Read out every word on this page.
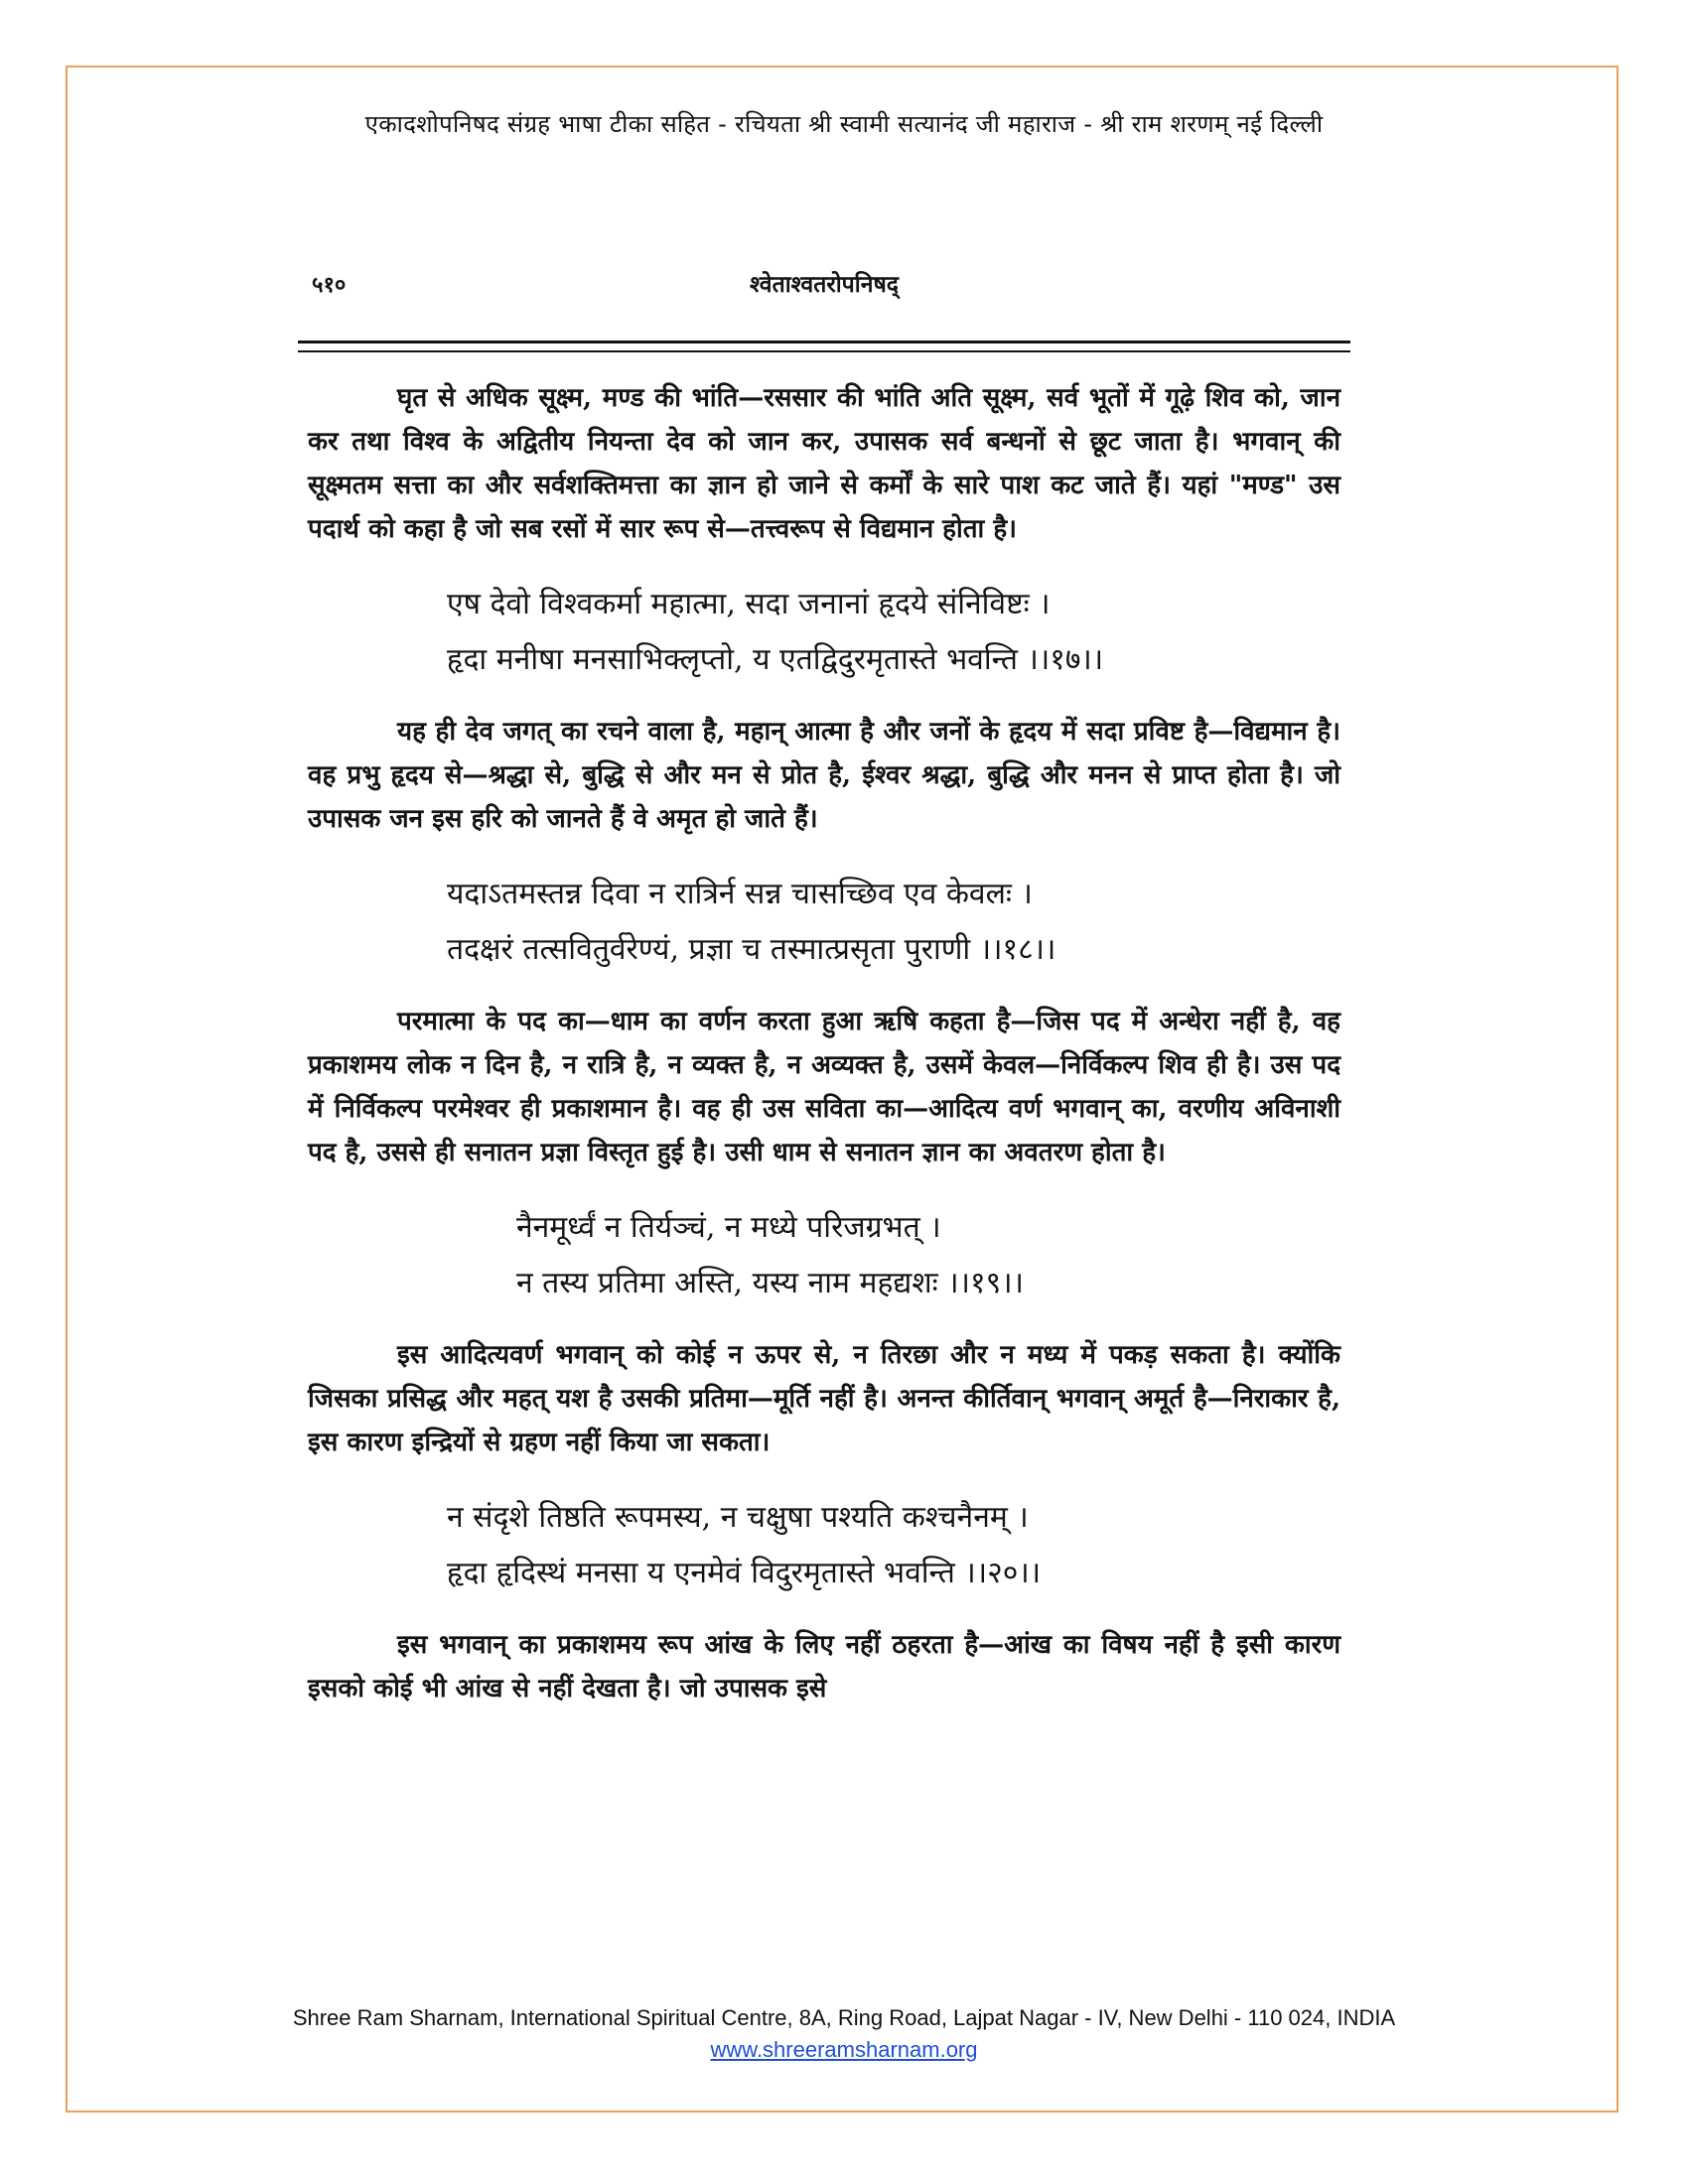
एकादशोपनिषद संग्रह भाषा टीका सहित - रचियता श्री स्वामी सत्यानंद जी महाराज - श्री राम शरणम् नई दिल्ली
५१०	श्वेताश्वतरोपनिषद्

घृत से अधिक सूक्ष्म, मण्ड की भांति—रससार की भांति अति सूक्ष्म, सर्व भूतों में गूढ़े शिव को, जान कर तथा विश्व के अद्वितीय नियन्ता देव को जान कर, उपासक सर्व बन्धनों से छूट जाता है। भगवान् की सूक्ष्मतम सत्ता का और सर्वशक्तिमत्ता का ज्ञान हो जाने से कर्मों के सारे पाश कट जाते हैं। यहां "मण्ड" उस पदार्थ को कहा है जो सब रसों में सार रूप से—तत्त्वरूप से विद्यमान होता है।

एष देवो विश्वकर्मा महात्मा, सदा जनानां हृदये संनिविष्टः ।
हृदा मनीषा मनसाभिक्लृप्तो, य एतद्विदुरमृतास्ते भवन्ति ।।१७।।

यह ही देव जगत् का रचने वाला है, महान् आत्मा है और जनों के हृदय में सदा प्रविष्ट है—विद्यमान है। वह प्रभु हृदय से—श्रद्धा से, बुद्धि से और मन से प्रोत है, ईश्वर श्रद्धा, बुद्धि और मनन से प्राप्त होता है। जो उपासक जन इस हरि को जानते हैं वे अमृत हो जाते हैं।

यदाऽतमस्तन्न दिवा न रात्रिर्न सन्न चासच्छिव एव केवलः ।
तदक्षरं तत्सवितुर्वरेण्यं, प्रज्ञा च तस्मात्प्रसृता पुराणी ।।१८।।

परमात्मा के पद का—धाम का वर्णन करता हुआ ऋषि कहता है—जिस पद में अन्धेरा नहीं है, वह प्रकाशमय लोक न दिन है, न रात्रि है, न व्यक्त है, न अव्यक्त है, उसमें केवल—निर्विकल्प शिव ही है। उस पद में निर्विकल्प परमेश्वर ही प्रकाशमान है। वह ही उस सविता का—आदित्य वर्ण भगवान् का, वरणीय अविनाशी पद है, उससे ही सनातन प्रज्ञा विस्तृत हुई है। उसी धाम से सनातन ज्ञान का अवतरण होता है।

नैनमूर्ध्वं न तिर्यञ्चं, न मध्ये परिजग्रभत् ।
न तस्य प्रतिमा अस्ति, यस्य नाम महद्यशः ।।१९।।

इस आदित्यवर्ण भगवान् को कोई न ऊपर से, न तिरछा और न मध्य में पकड़ सकता है। क्योंकि जिसका प्रसिद्ध और महत् यश है उसकी प्रतिमा—मूर्ति नहीं है। अनन्त कीर्तिवान् भगवान् अमूर्त है—निराकार है, इस कारण इन्द्रियों से ग्रहण नहीं किया जा सकता।

न संदृशे तिष्ठति रूपमस्य, न चक्षुषा पश्यति कश्चनैनम् ।
हृदा हृदिस्थं मनसा य एनमेवं विदुरमृतास्ते भवन्ति ।।२०।।

इस भगवान् का प्रकाशमय रूप आंख के लिए नहीं ठहरता है—आंख का विषय नहीं है इसी कारण इसको कोई भी आंख से नहीं देखता है। जो उपासक इसे

Shree Ram Sharnam, International Spiritual Centre, 8A, Ring Road, Lajpat Nagar - IV, New Delhi - 110 024, INDIA
www.shreeramsharnam.org
